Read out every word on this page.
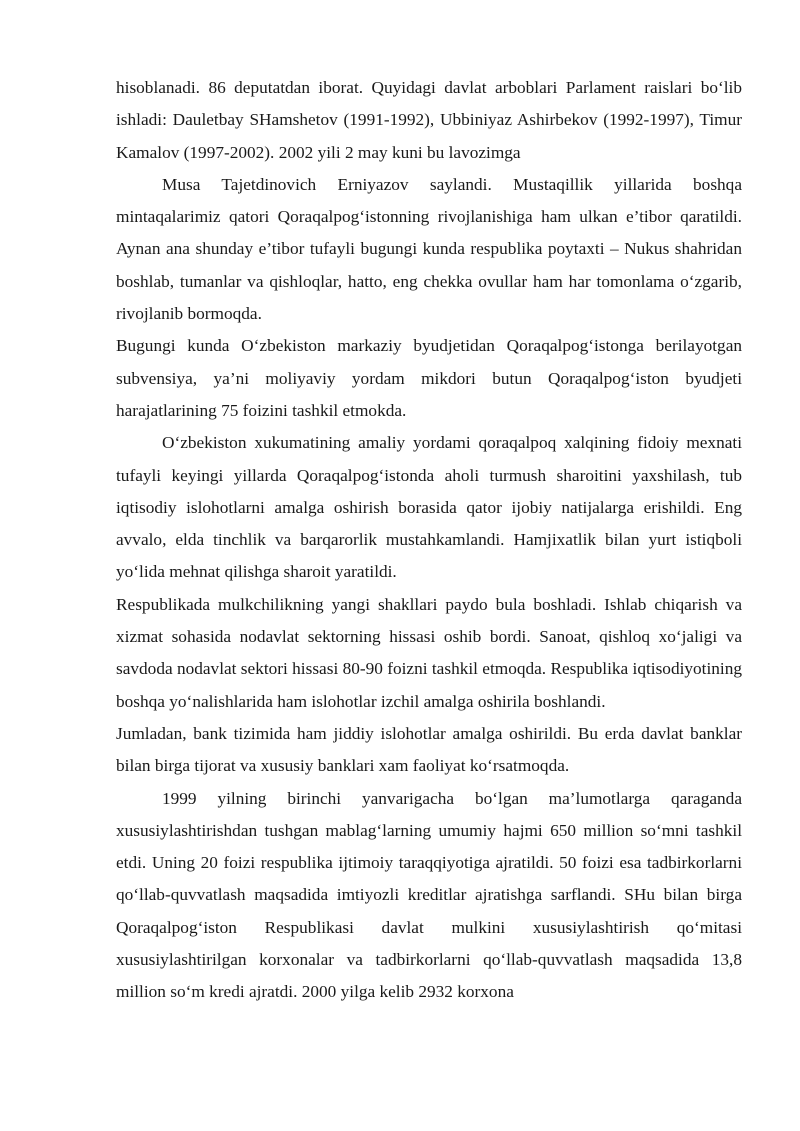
hisoblanadi. 86 deputatdan iborat. Quyidagi davlat arboblari Parlament raislari bo‘lib ishladi: Dauletbay SHamshetov (1991-1992), Ubbiniyaz Ashirbekov (1992-1997), Timur Kamalov (1997-2002). 2002 yili 2 may kuni bu lavozimga

Musa Tajetdinovich Erniyazov saylandi. Mustaqillik yillarida boshqa mintaqalarimiz qatori Qoraqalpog‘istonning rivojlanishiga ham ulkan e’tibor qaratildi. Aynan ana shunday e’tibor tufayli bugungi kunda respublika poytaxti – Nukus shahridan boshlab, tumanlar va qishloqlar, hatto, eng chekka ovullar ham har tomonlama o‘zgarib, rivojlanib bormoqda.

Bugungi kunda O‘zbekiston markaziy byudjetidan Qoraqalpog‘istonga berilayotgan subvensiya, ya’ni moliyaviy yordam mikdori butun Qoraqalpog‘iston byudjeti harajatlarining 75 foizini tashkil etmokda.

O‘zbekiston xukumatining amaliy yordami qoraqalpoq xalqining fidoiy mexnati tufayli keyingi yillarda Qoraqalpog‘istonda aholi turmush sharoitini yaxshilash, tub iqtisodiy islohotlarni amalga oshirish borasida qator ijobiy natijalarga erishildi. Eng avvalo, elda tinchlik va barqarorlik mustahkamlandi. Hamjixatlik bilan yurt istiqboli yo‘lida mehnat qilishga sharoit yaratildi.

Respublikada mulkchilikning yangi shakllari paydo bula boshladi. Ishlab chiqarish va xizmat sohasida nodavlat sektorning hissasi oshib bordi. Sanoat, qishloq xo‘jaligi va savdoda nodavlat sektori hissasi 80-90 foizni tashkil etmoqda. Respublika iqtisodiyotining boshqa yo‘nalishlarida ham islohotlar izchil amalga oshirila boshlandi.

Jumladan, bank tizimida ham jiddiy islohotlar amalga oshirildi. Bu erda davlat banklar bilan birga tijorat va xususiy banklari xam faoliyat ko‘rsatmoqda.

1999 yilning birinchi yanvarigacha bo‘lgan ma’lumotlarga qaraganda xususiylashtirishdan tushgan mablag‘larning umumiy hajmi 650 million so‘mni tashkil etdi. Uning 20 foizi respublika ijtimoiy taraqqiyotiga ajratildi. 50 foizi esa tadbirkorlarni qo‘llab-quvvatlash maqsadida imtiyozli kreditlar ajratishga sarflandi. SHu bilan birga Qoraqalpog‘iston Respublikasi davlat mulkini xususiylashtirish qo‘mitasi xususiylashtirilgan korxonalar va tadbirkorlarni qo‘llab-quvvatlash maqsadida 13,8 million so‘m kredi ajratdi. 2000 yilga kelib 2932 korxona
